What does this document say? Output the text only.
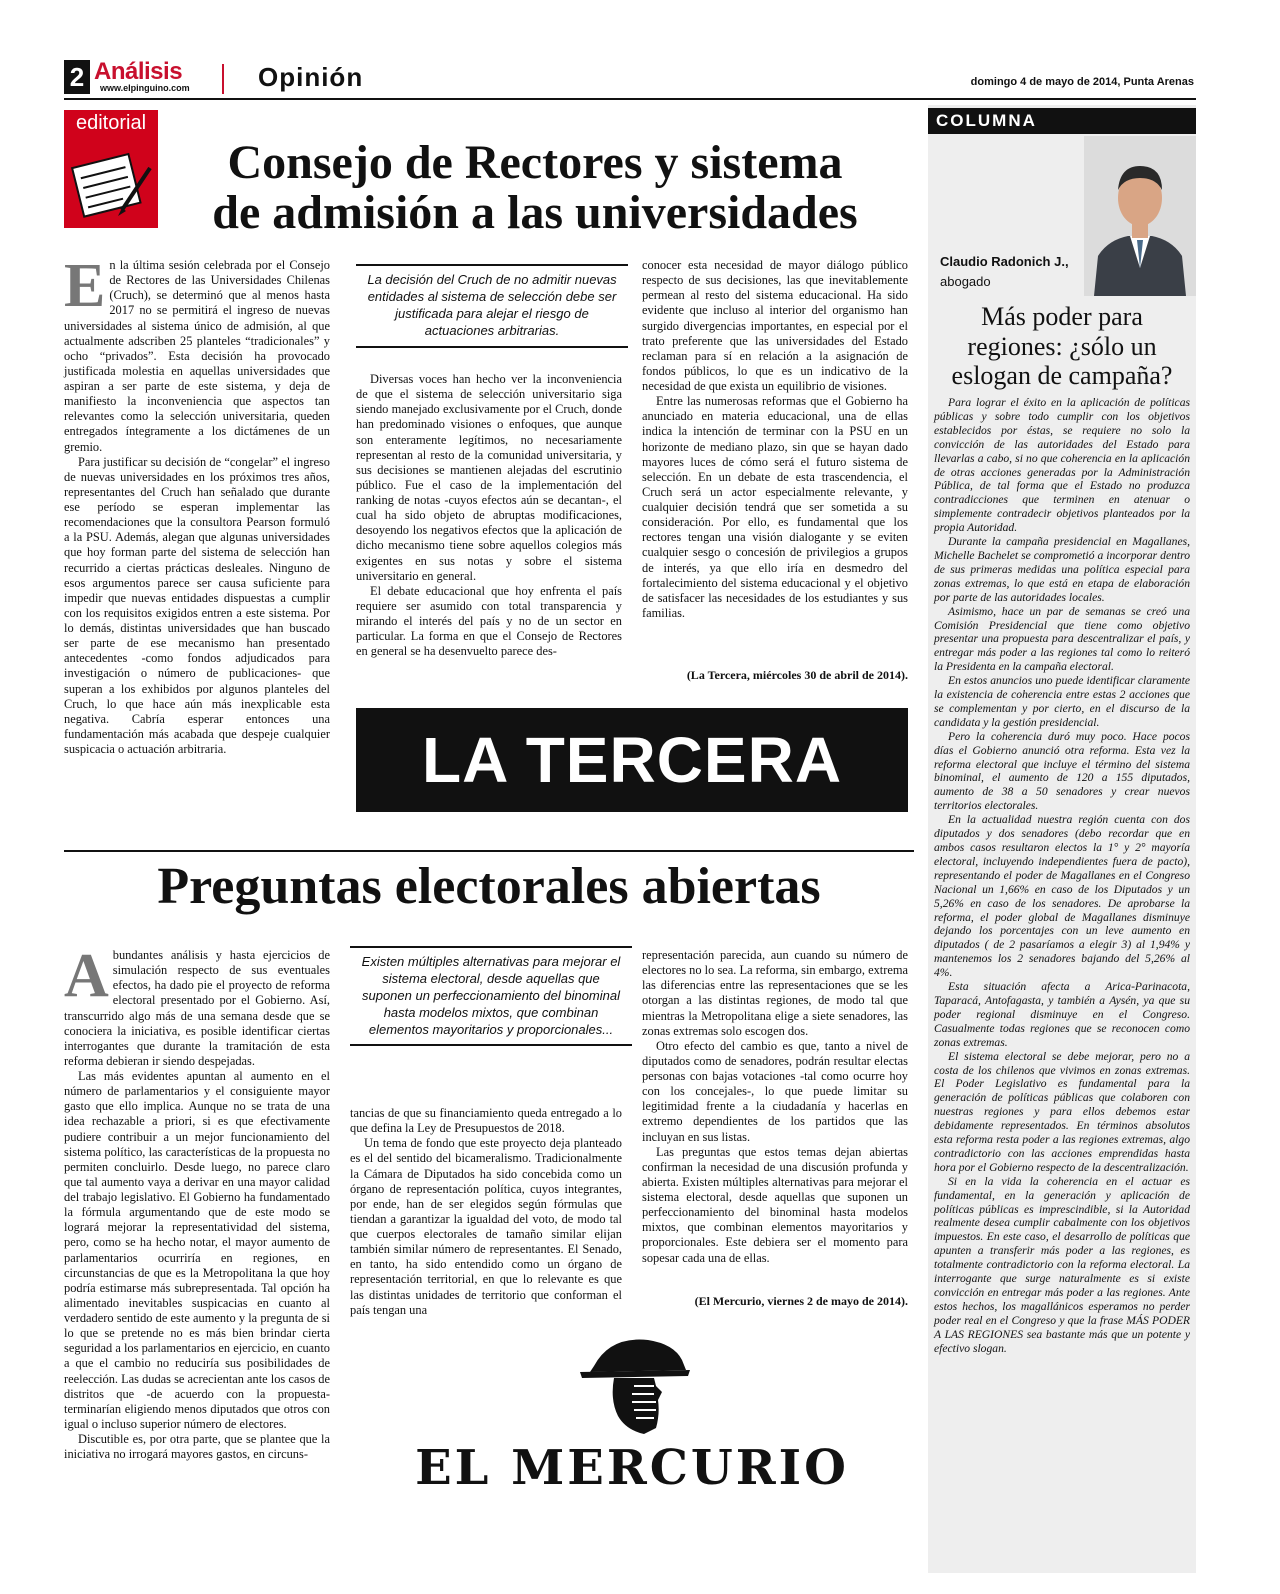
2 Análisis
www.elpinguino.com	Opinión	domingo 4 de mayo de 2014, Punta Arenas
editorial
Consejo de Rectores y sistema
de admisión a las universidades

En la última sesión celebrada por el Consejo de Rectores de las Universidades Chilenas (Cruch), se determinó que al menos hasta 2017 no se permitirá el ingreso de nuevas universidades al sistema único de admisión, al que actualmente adscriben 25 planteles “tradicionales” y ocho “privados”. Esta decisión ha provocado justificada molestia en aquellas universidades que aspiran a ser parte de este sistema, y deja de manifiesto la inconveniencia que aspectos tan relevantes como la selección universitaria, queden entregados íntegramente a los dictámenes de un gremio.

Para justificar su decisión de “congelar” el ingreso de nuevas universidades en los próximos tres años, representantes del Cruch han señalado que durante ese período se esperan implementar las recomendaciones que la consultora Pearson formuló a la PSU. Además, alegan que algunas universidades que hoy forman parte del sistema de selección han recurrido a ciertas prácticas desleales. Ninguno de esos argumentos parece ser causa suficiente para impedir que nuevas entidades dispuestas a cumplir con los requisitos exigidos entren a este sistema. Por lo demás, distintas universidades que han buscado ser parte de ese mecanismo han presentado antecedentes -como fondos adjudicados para investigación o número de publicaciones- que superan a los exhibidos por algunos planteles del Cruch, lo que hace aún más inexplicable esta negativa. Cabría esperar entonces una fundamentación más acabada que despeje cualquier suspicacia o actuación arbitraria.

La decisión del Cruch de no admitir nuevas entidades al sistema de selección debe ser justificada para alejar el riesgo de actuaciones arbitrarias.

Diversas voces han hecho ver la inconveniencia de que el sistema de selección universitario siga siendo manejado exclusivamente por el Cruch, donde han predominado visiones o enfoques, que aunque son enteramente legítimos, no necesariamente representan al resto de la comunidad universitaria, y sus decisiones se mantienen alejadas del escrutinio público. Fue el caso de la implementación del ranking de notas -cuyos efectos aún se decantan-, el cual ha sido objeto de abruptas modificaciones, desoyendo los negativos efectos que la aplicación de dicho mecanismo tiene sobre aquellos colegios más exigentes en sus notas y sobre el sistema universitario en general.

El debate educacional que hoy enfrenta el país requiere ser asumido con total transparencia y mirando el interés del país y no de un sector en particular. La forma en que el Consejo de Rectores en general se ha desenvuelto parece des-

conocer esta necesidad de mayor diálogo público respecto de sus decisiones, las que inevitablemente permean al resto del sistema educacional. Ha sido evidente que incluso al interior del organismo han surgido divergencias importantes, en especial por el trato preferente que las universidades del Estado reclaman para sí en relación a la asignación de fondos públicos, lo que es un indicativo de la necesidad de que exista un equilibrio de visiones.

Entre las numerosas reformas que el Gobierno ha anunciado en materia educacional, una de ellas indica la intención de terminar con la PSU en un horizonte de mediano plazo, sin que se hayan dado mayores luces de cómo será el futuro sistema de selección. En un debate de esta trascendencia, el Cruch será un actor especialmente relevante, y cualquier decisión tendrá que ser sometida a su consideración. Por ello, es fundamental que los rectores tengan una visión dialogante y se eviten cualquier sesgo o concesión de privilegios a grupos de interés, ya que ello iría en desmedro del fortalecimiento del sistema educacional y el objetivo de satisfacer las necesidades de los estudiantes y sus familias.

(La Tercera, miércoles 30 de abril de 2014).
LA TERCERA
Preguntas electorales abiertas

Abundantes análisis y hasta ejercicios de simulación respecto de sus eventuales efectos, ha dado pie el proyecto de reforma electoral presentado por el Gobierno. Así, transcurrido algo más de una semana desde que se conociera la iniciativa, es posible identificar ciertas interrogantes que durante la tramitación de esta reforma debieran ir siendo despejadas.

Las más evidentes apuntan al aumento en el número de parlamentarios y el consiguiente mayor gasto que ello implica. Aunque no se trata de una idea rechazable a priori, si es que efectivamente pudiere contribuir a un mejor funcionamiento del sistema político, las características de la propuesta no permiten concluirlo. Desde luego, no parece claro que tal aumento vaya a derivar en una mayor calidad del trabajo legislativo. El Gobierno ha fundamentado la fórmula argumentando que de este modo se logrará mejorar la representatividad del sistema, pero, como se ha hecho notar, el mayor aumento de parlamentarios ocurriría en regiones, en circunstancias de que es la Metropolitana la que hoy podría estimarse más subrepresentada. Tal opción ha alimentado inevitables suspicacias en cuanto al verdadero sentido de este aumento y la pregunta de si lo que se pretende no es más bien brindar cierta seguridad a los parlamentarios en ejercicio, en cuanto a que el cambio no reduciría sus posibilidades de reelección. Las dudas se acrecientan ante los casos de distritos que -de acuerdo con la propuesta- terminarían eligiendo menos diputados que otros con igual o incluso superior número de electores.

Discutible es, por otra parte, que se plantee que la iniciativa no irrogará mayores gastos, en circuns-

Existen múltiples alternativas para mejorar el sistema electoral, desde aquellas que suponen un perfeccionamiento del binominal hasta modelos mixtos, que combinan elementos mayoritarios y proporcionales...

tancias de que su financiamiento queda entregado a lo que defina la Ley de Presupuestos de 2018.

Un tema de fondo que este proyecto deja planteado es el del sentido del bicameralismo. Tradicionalmente la Cámara de Diputados ha sido concebida como un órgano de representación política, cuyos integrantes, por ende, han de ser elegidos según fórmulas que tiendan a garantizar la igualdad del voto, de modo tal que cuerpos electorales de tamaño similar elijan también similar número de representantes. El Senado, en tanto, ha sido entendido como un órgano de representación territorial, en que lo relevante es que las distintas unidades de territorio que conforman el país tengan una

representación parecida, aun cuando su número de electores no lo sea. La reforma, sin embargo, extrema las diferencias entre las representaciones que se les otorgan a las distintas regiones, de modo tal que mientras la Metropolitana elige a siete senadores, las zonas extremas solo escogen dos.

Otro efecto del cambio es que, tanto a nivel de diputados como de senadores, podrán resultar electas personas con bajas votaciones -tal como ocurre hoy con los concejales-, lo que puede limitar su legitimidad frente a la ciudadanía y hacerlas en extremo dependientes de los partidos que las incluyan en sus listas.

Las preguntas que estos temas dejan abiertas confirman la necesidad de una discusión profunda y abierta. Existen múltiples alternativas para mejorar el sistema electoral, desde aquellas que suponen un perfeccionamiento del binominal hasta modelos mixtos, que combinan elementos mayoritarios y proporcionales. Este debiera ser el momento para sopesar cada una de ellas.

(El Mercurio, viernes 2 de mayo de 2014).
EL MERCURIO
COLUMNA
Claudio Radonich J.,
abogado
Más poder para regiones: ¿sólo un eslogan de campaña?

Para lograr el éxito en la aplicación de políticas públicas y sobre todo cumplir con los objetivos establecidos por éstas, se requiere no solo la convicción de las autoridades del Estado para llevarlas a cabo, si no que coherencia en la aplicación de otras acciones generadas por la Administración Pública, de tal forma que el Estado no produzca contradicciones que terminen en atenuar o simplemente contradecir objetivos planteados por la propia Autoridad.

Durante la campaña presidencial en Magallanes, Michelle Bachelet se comprometió a incorporar dentro de sus primeras medidas una política especial para zonas extremas, lo que está en etapa de elaboración por parte de las autoridades locales.

Asimismo, hace un par de semanas se creó una Comisión Presidencial que tiene como objetivo presentar una propuesta para descentralizar el país, y entregar más poder a las regiones tal como lo reiteró la Presidenta en la campaña electoral.

En estos anuncios uno puede identificar claramente la existencia de coherencia entre estas 2 acciones que se complementan y por cierto, en el discurso de la candidata y la gestión presidencial.

Pero la coherencia duró muy poco. Hace pocos días el Gobierno anunció otra reforma. Esta vez la reforma electoral que incluye el término del sistema binominal, el aumento de 120 a 155 diputados, aumento de 38 a 50 senadores y crear nuevos territorios electorales.

En la actualidad nuestra región cuenta con dos diputados y dos senadores (debo recordar que en ambos casos resultaron electos la 1° y 2° mayoría electoral, incluyendo independientes fuera de pacto), representando el poder de Magallanes en el Congreso Nacional un 1,66% en caso de los Diputados y un 5,26% en caso de los senadores. De aprobarse la reforma, el poder global de Magallanes disminuye dejando los porcentajes con un leve aumento en diputados ( de 2 pasaríamos a elegir 3) al 1,94% y mantenemos los 2 senadores bajando del 5,26% al 4%.

Esta situación afecta a Arica-Parinacota, Taparacá, Antofagasta, y también a Aysén, ya que su poder regional disminuye en el Congreso. Casualmente todas regiones que se reconocen como zonas extremas.

El sistema electoral se debe mejorar, pero no a costa de los chilenos que vivimos en zonas extremas. El Poder Legislativo es fundamental para la generación de políticas públicas que colaboren con nuestras regiones y para ellos debemos estar debidamente representados. En términos absolutos esta reforma resta poder a las regiones extremas, algo contradictorio con las acciones emprendidas hasta hora por el Gobierno respecto de la descentralización.

Si en la vida la coherencia en el actuar es fundamental, en la generación y aplicación de políticas públicas es imprescindible, si la Autoridad realmente desea cumplir cabalmente con los objetivos impuestos. En este caso, el desarrollo de políticas que apunten a transferir más poder a las regiones, es totalmente contradictorio con la reforma electoral. La interrogante que surge naturalmente es si existe convicción en entregar más poder a las regiones. Ante estos hechos, los magallánicos esperamos no perder poder real en el Congreso y que la frase MÁS PODER A LAS REGIONES sea bastante más que un potente y efectivo slogan.
